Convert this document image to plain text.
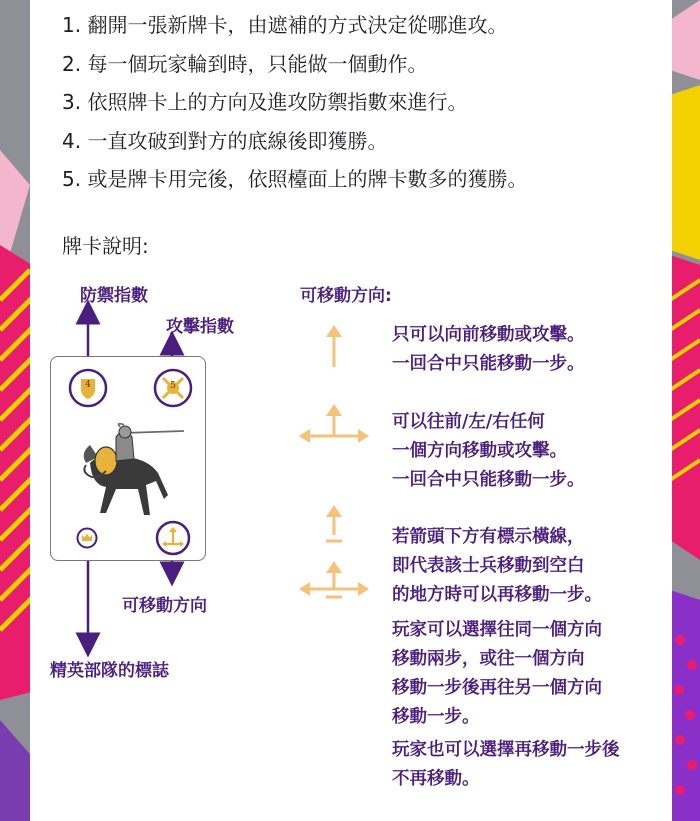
1. 翻開一張新牌卡，由遮補的方式決定從哪進攻。
2. 每一個玩家輪到時，只能做一個動作。
3. 依照牌卡上的方向及進攻防禦指數來進行。
4. 一直攻破到對方的底線後即獲勝。
5. 或是牌卡用完後，依照檯面上的牌卡數多的獲勝。
牌卡說明:
防禦指數
攻擊指數
可移動方向
精英部隊的標誌
4	5
可移動方向:

只可以向前移動或攻擊。

一回合中只能移動一步。

可以往前/左/右任何

一個方向移動或攻擊。

一回合中只能移動一步。

若箭頭下方有標示橫線，

即代表該士兵移動到空白

的地方時可以再移動一步。

玩家可以選擇往同一個方向

移動兩步，或往一個方向

移動一步後再往另一個方向

移動一步。

玩家也可以選擇再移動一步後

不再移動。
